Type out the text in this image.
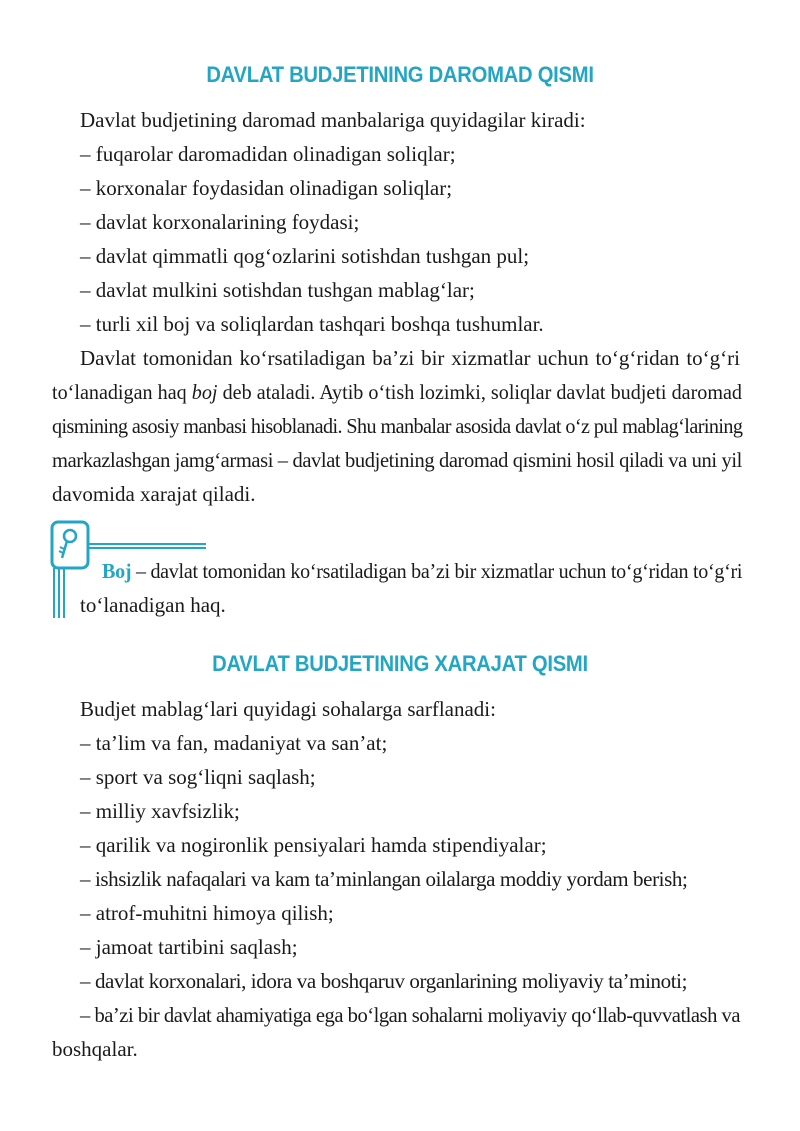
DAVLAT BUDJETINING DAROMAD QISMI
Davlat budjetining daromad manbalariga quyidagilar kiradi:
– fuqarolar daromadidan olinadigan soliqlar;
– korxonalar foydasidan olinadigan soliqlar;
– davlat korxonalarining foydasi;
– davlat qimmatli qog‘ozlarini sotishdan tushgan pul;
– davlat mulkini sotishdan tushgan mablag‘lar;
– turli xil boj va soliqlardan tashqari boshqa tushumlar.
Davlat tomonidan ko‘rsatiladigan ba’zi bir xizmatlar uchun to‘g‘ridan to‘g‘ri
to‘lanadigan haq boj deb ataladi. Aytib o‘tish lozimki, soliqlar davlat budjeti daromad
qismining asosiy manbasi hisoblanadi. Shu manbalar asosida davlat o‘z pul mablag‘larining
markazlashgan jamg‘armasi – davlat budjetining daromad qismini hosil qiladi va uni yil
davomida xarajat qiladi.
Boj – davlat tomonidan ko‘rsatiladigan ba’zi bir xizmatlar uchun to‘g‘ridan to‘g‘ri
to‘lanadigan haq.
DAVLAT BUDJETINING XARAJAT QISMI
Budjet mablag‘lari quyidagi sohalarga sarflanadi:
– ta’lim va fan, madaniyat va san’at;
– sport va sog‘liqni saqlash;
– milliy xavfsizlik;
– qarilik va nogironlik pensiyalari hamda stipendiyalar;
– ishsizlik nafaqalari va kam ta’minlangan oilalarga moddiy yordam berish;
– atrof-muhitni himoya qilish;
– jamoat tartibini saqlash;
– davlat korxonalari, idora va boshqaruv organlarining moliyaviy ta’minoti;
– ba’zi bir davlat ahamiyatiga ega bo‘lgan sohalarni moliyaviy qo‘llab-quvvatlash va
boshqalar.
